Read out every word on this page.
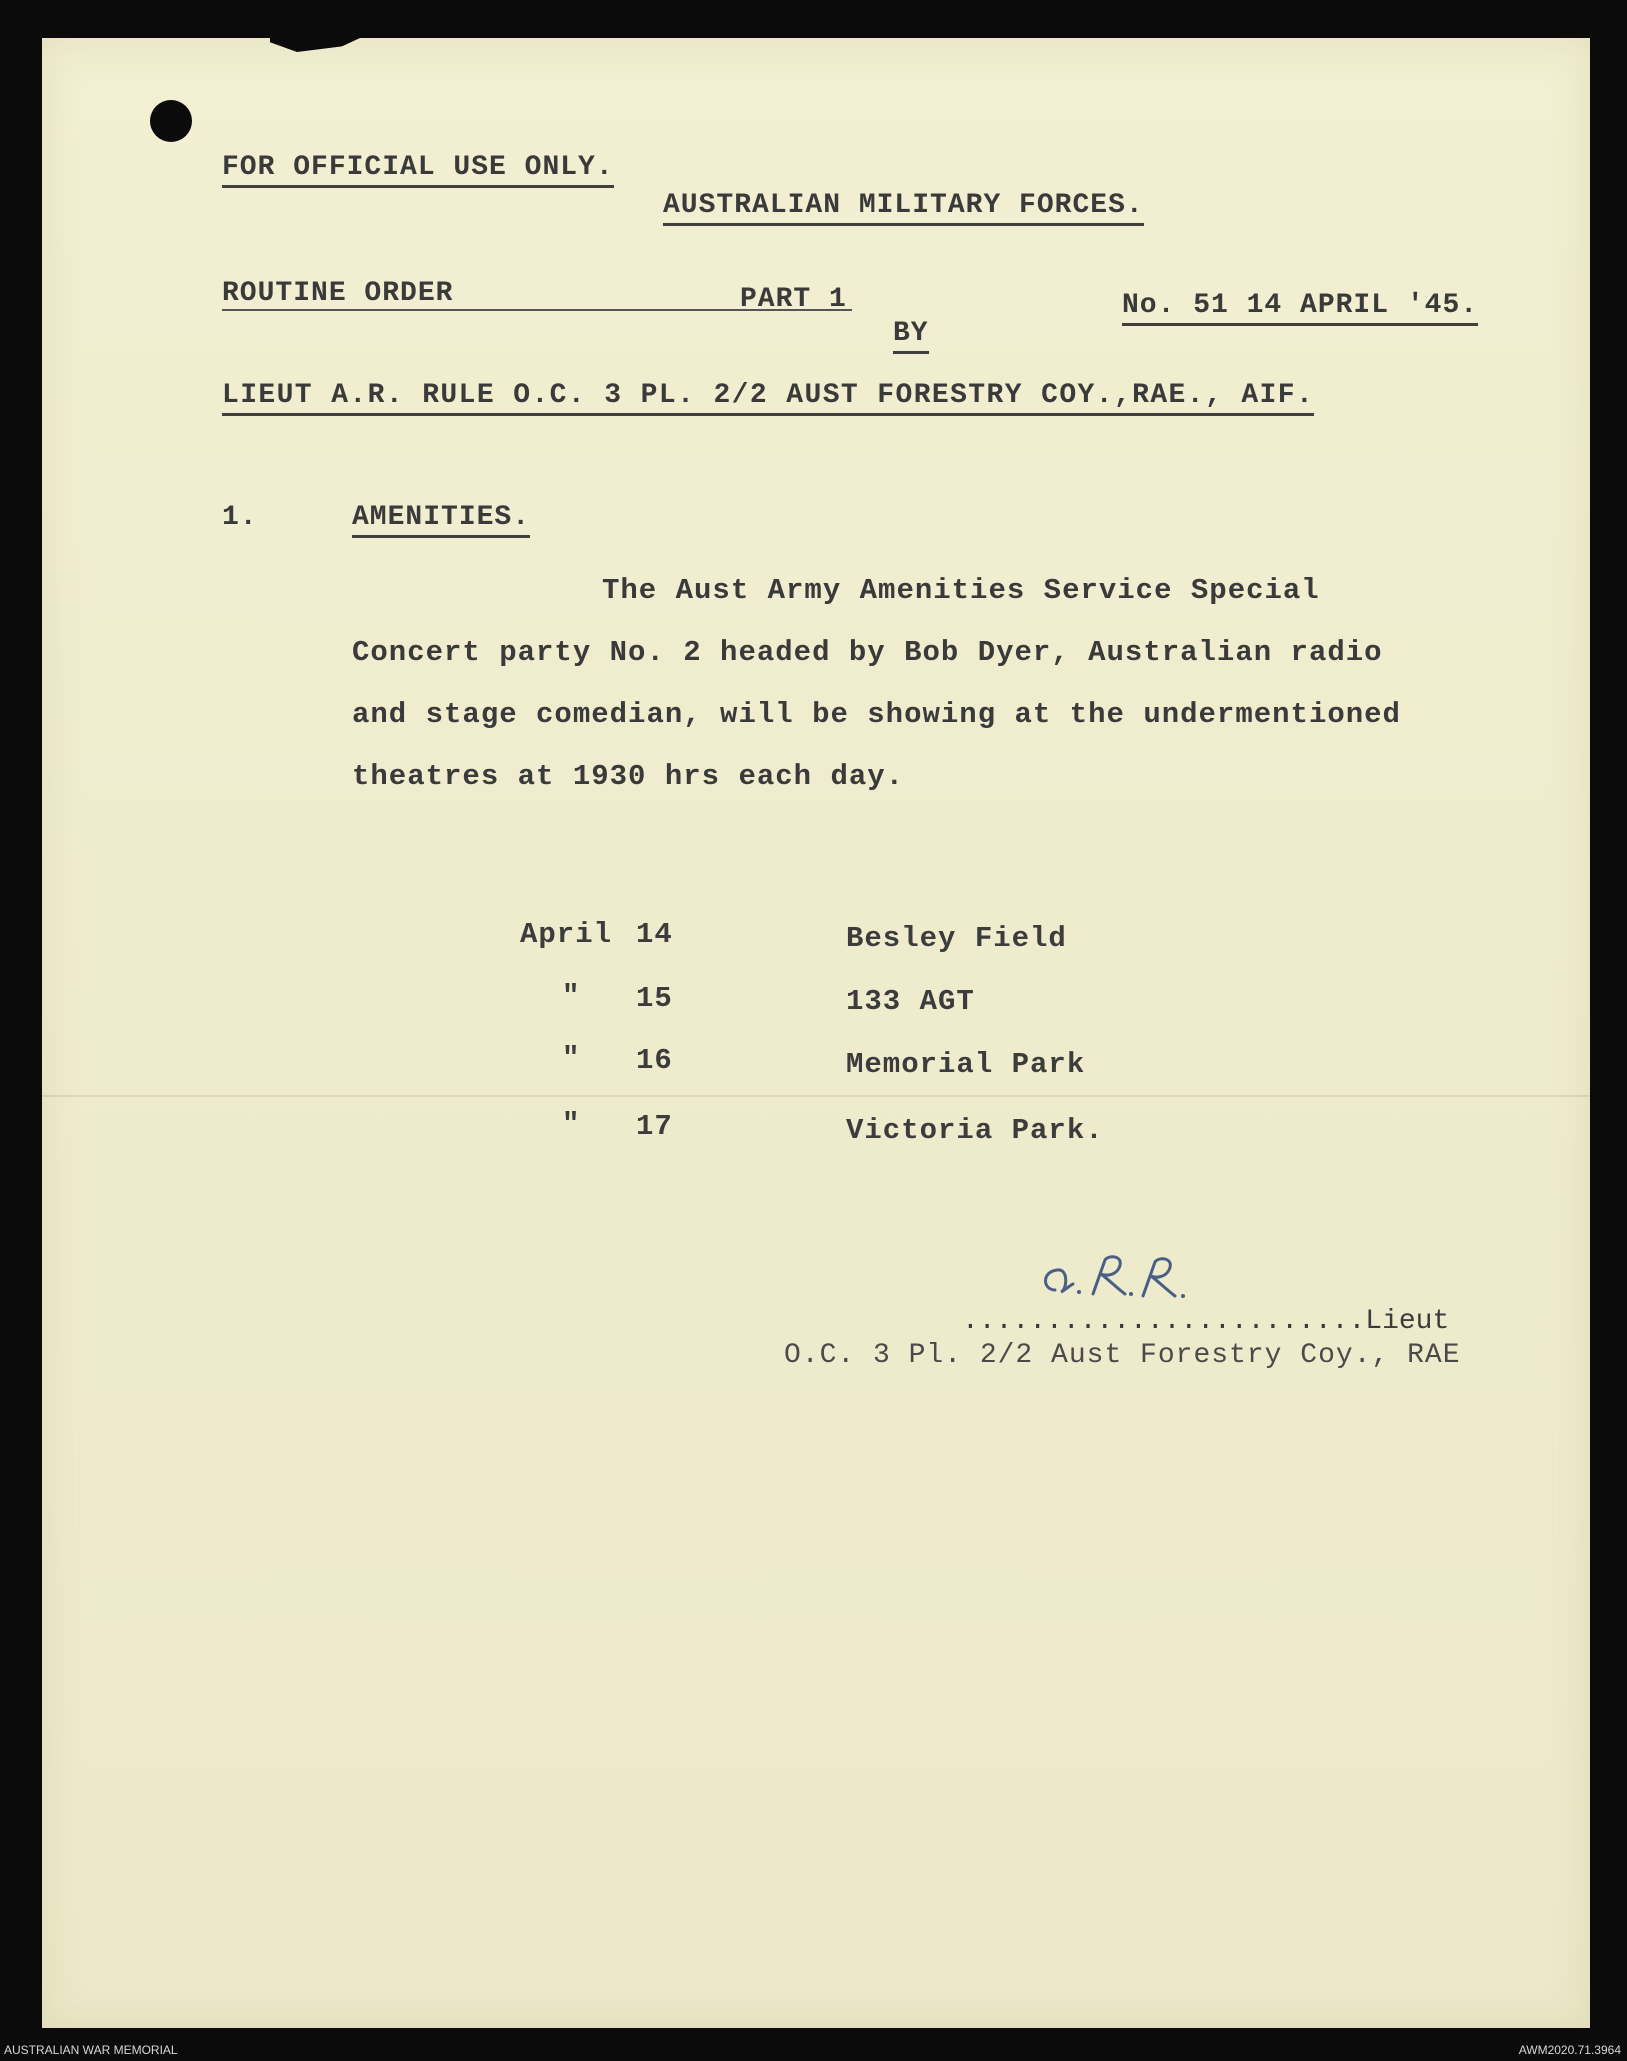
FOR OFFICIAL USE ONLY.
AUSTRALIAN MILITARY FORCES.
ROUTINE ORDER	PART 1	No. 51 14 APRIL '45.
BY
LIEUT A.R. RULE O.C. 3 PL. 2/2 AUST FORESTRY COY.,RAE., AIF.
1.	AMENITIES.
The Aust Army Amenities Service Special
Concert party No. 2 headed by Bob Dyer, Australian radio
and stage comedian, will be showing at the undermentioned
theatres at 1930 hrs each day.
April 14	Besley Field
" 15	133 AGT
" 16	Memorial Park
" 17	Victoria Park.
........................Lieut
O.C. 3 Pl. 2/2 Aust Forestry Coy., RAE
AUSTRALIAN WAR MEMORIAL	AWM2020.71.3964
